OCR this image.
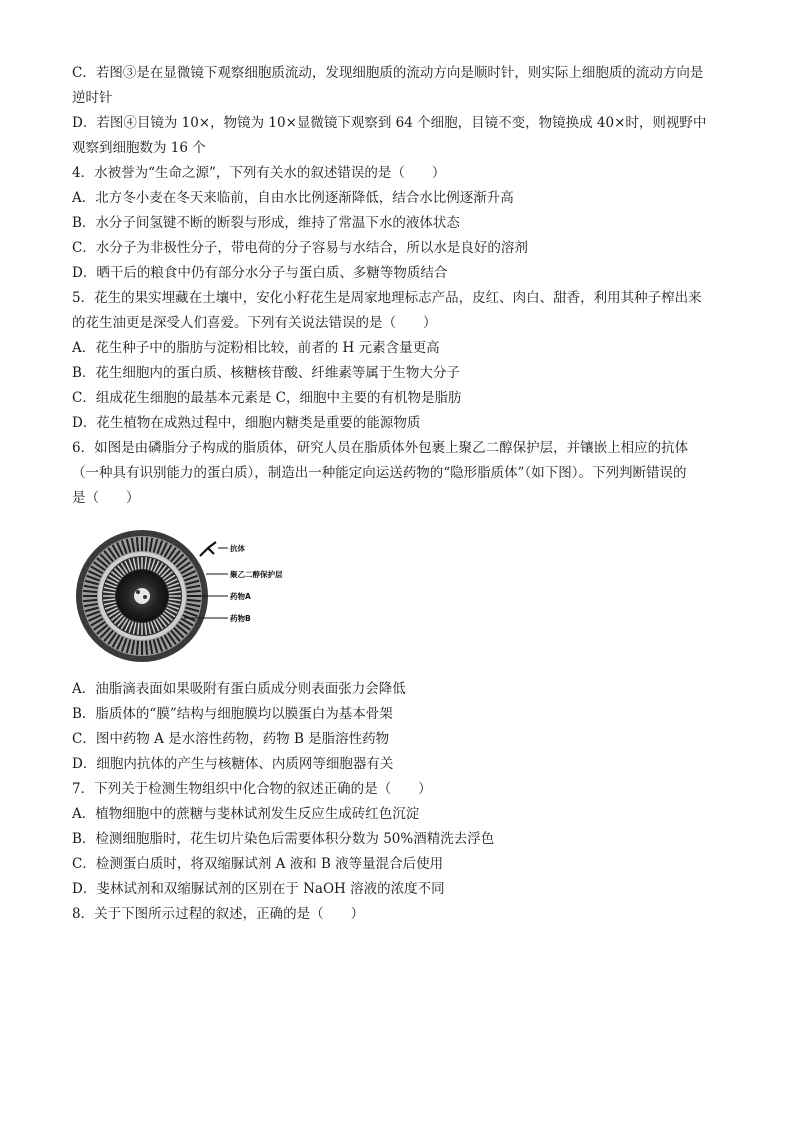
C．若图③是在显微镜下观察细胞质流动，发现细胞质的流动方向是顺时针，则实际上细胞质的流动方向是
逆时针
D．若图④目镜为 10×，物镜为 10×显微镜下观察到 64 个细胞，目镜不变，物镜换成 40×时，则视野中
观察到细胞数为 16 个
4．水被誉为“生命之源”，下列有关水的叙述错误的是（　　）
A．北方冬小麦在冬天来临前，自由水比例逐渐降低，结合水比例逐渐升高
B．水分子间氢键不断的断裂与形成，维持了常温下水的液体状态
C．水分子为非极性分子，带电荷的分子容易与水结合，所以水是良好的溶剂
D．晒干后的粮食中仍有部分水分子与蛋白质、多糖等物质结合
5．花生的果实埋藏在土壤中，安化小籽花生是周家地理标志产品，皮红、肉白、甜香，利用其种子榨出来
的花生油更是深受人们喜爱。下列有关说法错误的是（　　）
A．花生种子中的脂肪与淀粉相比较，前者的 H 元素含量更高
B．花生细胞内的蛋白质、核糖核苷酸、纤维素等属于生物大分子
C．组成花生细胞的最基本元素是 C，细胞中主要的有机物是脂肪
D．花生植物在成熟过程中，细胞内糖类是重要的能源物质
6．如图是由磷脂分子构成的脂质体，研究人员在脂质体外包裹上聚乙二醇保护层，并镶嵌上相应的抗体
（一种具有识别能力的蛋白质），制造出一种能定向运送药物的“隐形脂质体”（如下图）。下列判断错误的
是（　　）
抗体
聚乙二醇保护层
药物A
药物B
A．油脂滴表面如果吸附有蛋白质成分则表面张力会降低
B．脂质体的“膜”结构与细胞膜均以膜蛋白为基本骨架
C．图中药物 A 是水溶性药物，药物 B 是脂溶性药物
D．细胞内抗体的产生与核糖体、内质网等细胞器有关
7．下列关于检测生物组织中化合物的叙述正确的是（　　）
A．植物细胞中的蔗糖与斐林试剂发生反应生成砖红色沉淀
B．检测细胞脂时，花生切片染色后需要体积分数为 50%酒精洗去浮色
C．检测蛋白质时，将双缩脲试剂 A 液和 B 液等量混合后使用
D．斐林试剂和双缩脲试剂的区别在于 NaOH 溶液的浓度不同
8．关于下图所示过程的叙述，正确的是（　　）
